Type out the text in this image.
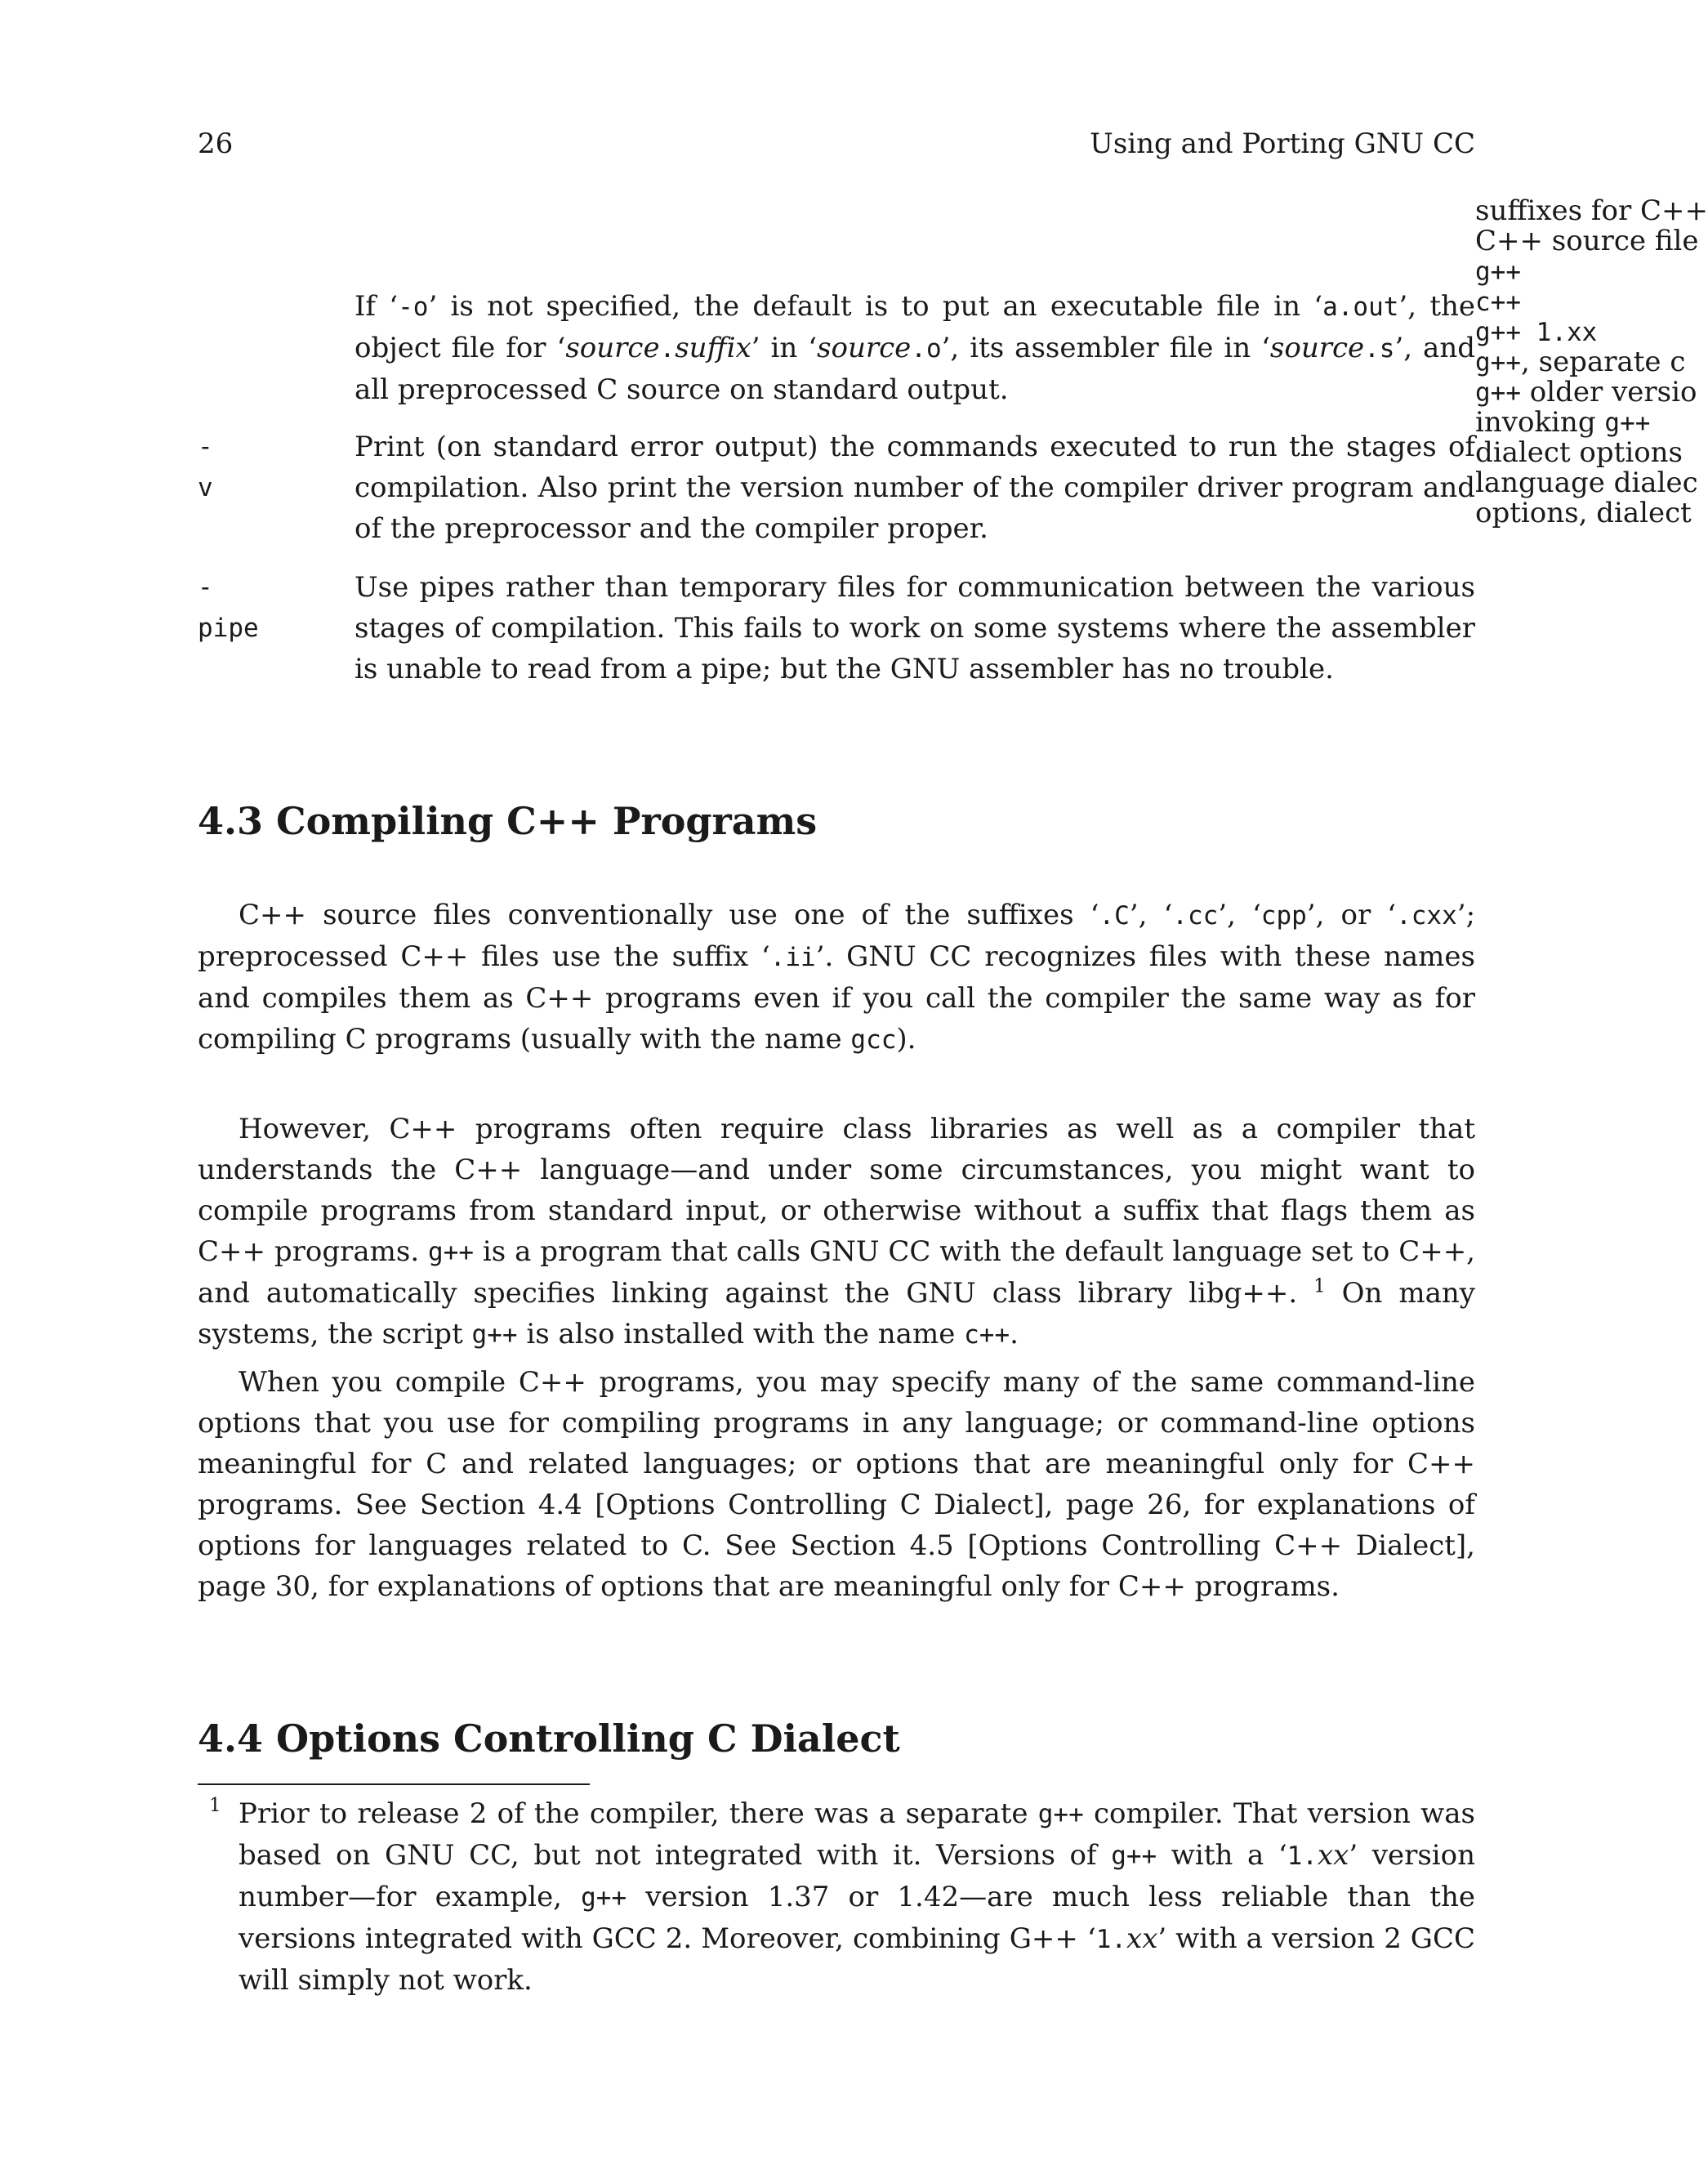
26	Using and Porting GNU CC
If ‘-o’ is not specified, the default is to put an executable file in ‘a.out’, the object file for ‘source.suffix’ in ‘source.o’, its assembler file in ‘source.s’, and all preprocessed C source on standard output.
-v
Print (on standard error output) the commands executed to run the stages of compilation. Also print the version number of the compiler driver program and of the preprocessor and the compiler proper.
-pipe
Use pipes rather than temporary files for communication between the various stages of compilation. This fails to work on some systems where the assembler is unable to read from a pipe; but the GNU assembler has no trouble.
4.3 Compiling C++ Programs
C++ source files conventionally use one of the suffixes ‘.C’, ‘.cc’, ‘cpp’, or ‘.cxx’; preprocessed C++ files use the suffix ‘.ii’. GNU CC recognizes files with these names and compiles them as C++ programs even if you call the compiler the same way as for compiling C programs (usually with the name gcc).
However, C++ programs often require class libraries as well as a compiler that understands the C++ language—and under some circumstances, you might want to compile programs from standard input, or otherwise without a suffix that flags them as C++ programs. g++ is a program that calls GNU CC with the default language set to C++, and automatically specifies linking against the GNU class library libg++. $^1$ On many systems, the script g++ is also installed with the name c++.
When you compile C++ programs, you may specify many of the same command-line options that you use for compiling programs in any language; or command-line options meaningful for C and related languages; or options that are meaningful only for C++ programs. See Section 4.4 [Options Controlling C Dialect], page 26, for explanations of options for languages related to C. See Section 4.5 [Options Controlling C++ Dialect], page 30, for explanations of options that are meaningful only for C++ programs.
4.4 Options Controlling C Dialect
1 Prior to release 2 of the compiler, there was a separate g++ compiler. That version was based on GNU CC, but not integrated with it. Versions of g++ with a ‘1.xx’ version number—for example, g++ version 1.37 or 1.42—are much less reliable than the versions integrated with GCC 2. Moreover, combining G++ ‘1.xx’ with a version 2 GCC will simply not work.
suffixes for C++
C++ source file
g++
c++
g++ 1.xx
g++, separate c
g++ older versio
invoking g++
dialect options
language dialec
options, dialect
